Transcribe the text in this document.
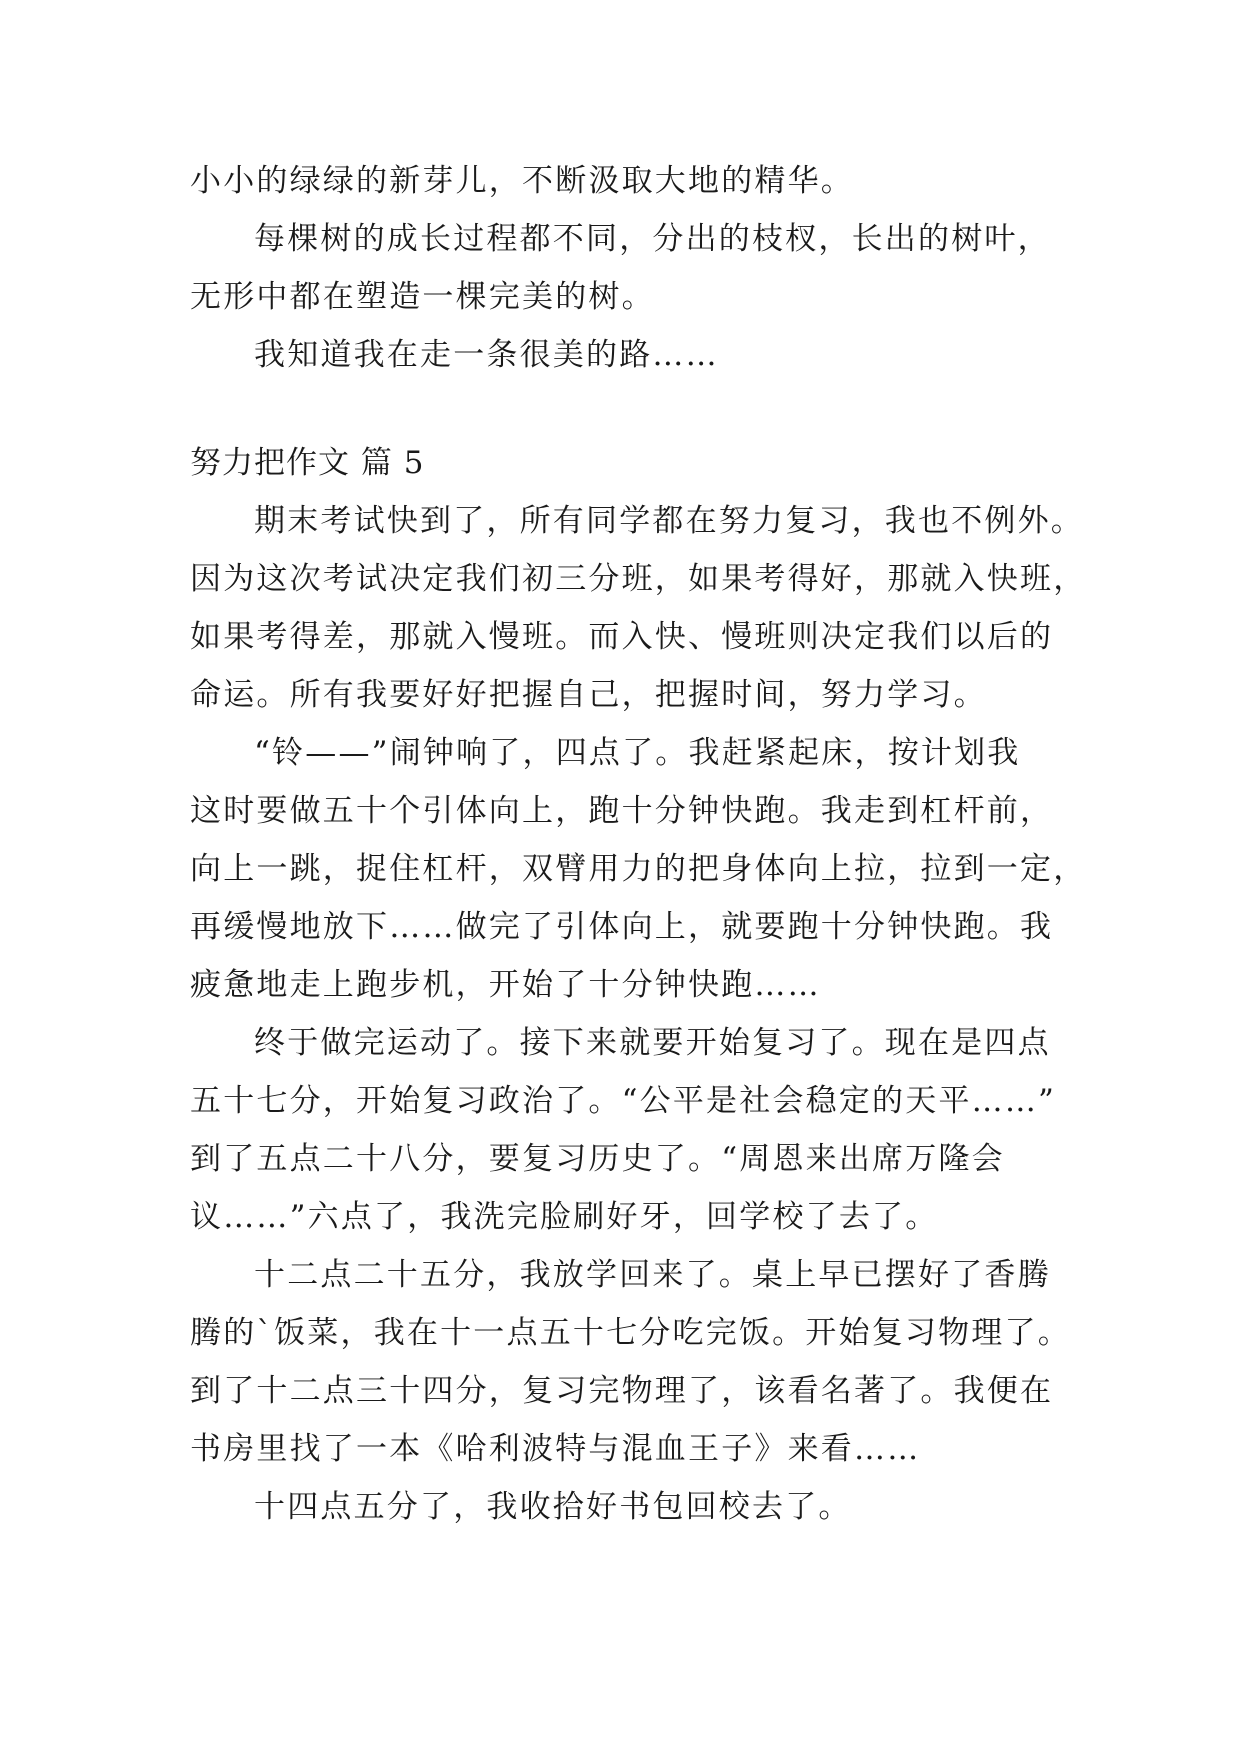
小小的绿绿的新芽儿，不断汲取大地的精华。
每棵树的成长过程都不同，分出的枝杈，长出的树叶，
无形中都在塑造一棵完美的树。
我知道我在走一条很美的路……
努力把作文 篇 5
期末考试快到了，所有同学都在努力复习，我也不例外。
因为这次考试决定我们初三分班，如果考得好，那就入快班，
如果考得差，那就入慢班。而入快、慢班则决定我们以后的
命运。所有我要好好把握自己，把握时间，努力学习。
“铃——”闹钟响了，四点了。我赶紧起床，按计划我
这时要做五十个引体向上，跑十分钟快跑。我走到杠杆前，
向上一跳，捉住杠杆，双臂用力的把身体向上拉，拉到一定，
再缓慢地放下……做完了引体向上，就要跑十分钟快跑。我
疲惫地走上跑步机，开始了十分钟快跑……
终于做完运动了。接下来就要开始复习了。现在是四点
五十七分，开始复习政治了。“公平是社会稳定的天平……”
到了五点二十八分，要复习历史了。“周恩来出席万隆会
议……”六点了，我洗完脸刷好牙，回学校了去了。
十二点二十五分，我放学回来了。桌上早已摆好了香腾
腾的`饭菜，我在十一点五十七分吃完饭。开始复习物理了。
到了十二点三十四分，复习完物理了，该看名著了。我便在
书房里找了一本《哈利波特与混血王子》来看……
十四点五分了，我收拾好书包回校去了。
